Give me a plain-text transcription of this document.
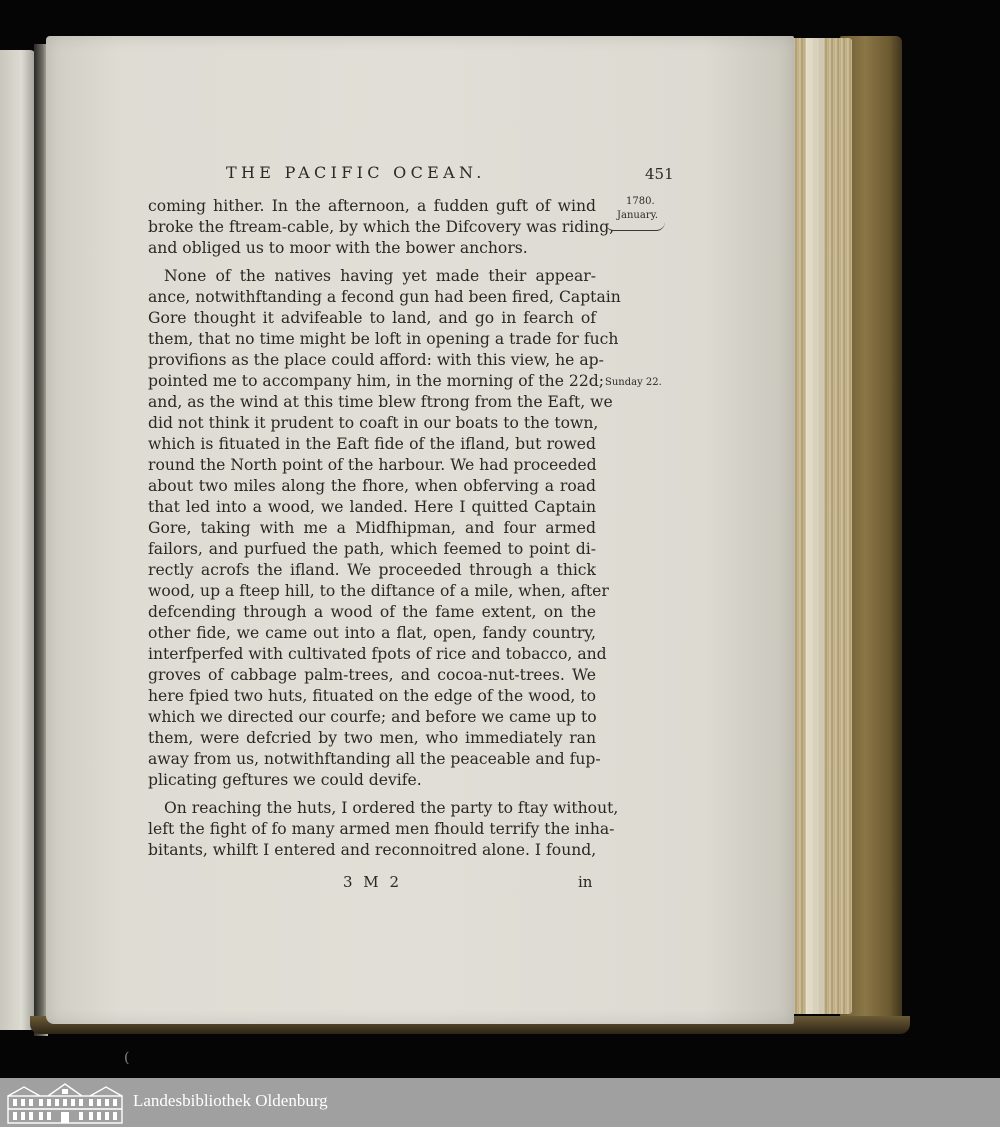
THE PACIFIC OCEAN.	451
1780.
January.
Sunday 22.
coming hither. In the afternoon, a fudden guft of wind
broke the ftream-cable, by which the Difcovery was riding,
and obliged us to moor with the bower anchors.
None of the natives having yet made their appear-
ance, notwithftanding a fecond gun had been fired, Captain
Gore thought it advifeable to land, and go in fearch of
them, that no time might be loft in opening a trade for fuch
provifions as the place could afford: with this view, he ap-
pointed me to accompany him, in the morning of the 22d;
and, as the wind at this time blew ftrong from the Eaft, we
did not think it prudent to coaft in our boats to the town,
which is fituated in the Eaft fide of the ifland, but rowed
round the North point of the harbour. We had proceeded
about two miles along the fhore, when obferving a road
that led into a wood, we landed. Here I quitted Captain
Gore, taking with me a Midfhipman, and four armed
failors, and purfued the path, which feemed to point di-
rectly acrofs the ifland. We proceeded through a thick
wood, up a fteep hill, to the diftance of a mile, when, after
defcending through a wood of the fame extent, on the
other fide, we came out into a flat, open, fandy country,
interfperfed with cultivated fpots of rice and tobacco, and
groves of cabbage palm-trees, and cocoa-nut-trees. We
here fpied two huts, fituated on the edge of the wood, to
which we directed our courfe; and before we came up to
them, were defcried by two men, who immediately ran
away from us, notwithftanding all the peaceable and fup-
plicating geftures we could devife.
On reaching the huts, I ordered the party to ftay without,
left the fight of fo many armed men fhould terrify the inha-
bitants, whilft I entered and reconnoitred alone. I found,
3 M 2	in
(
Landesbibliothek Oldenburg
